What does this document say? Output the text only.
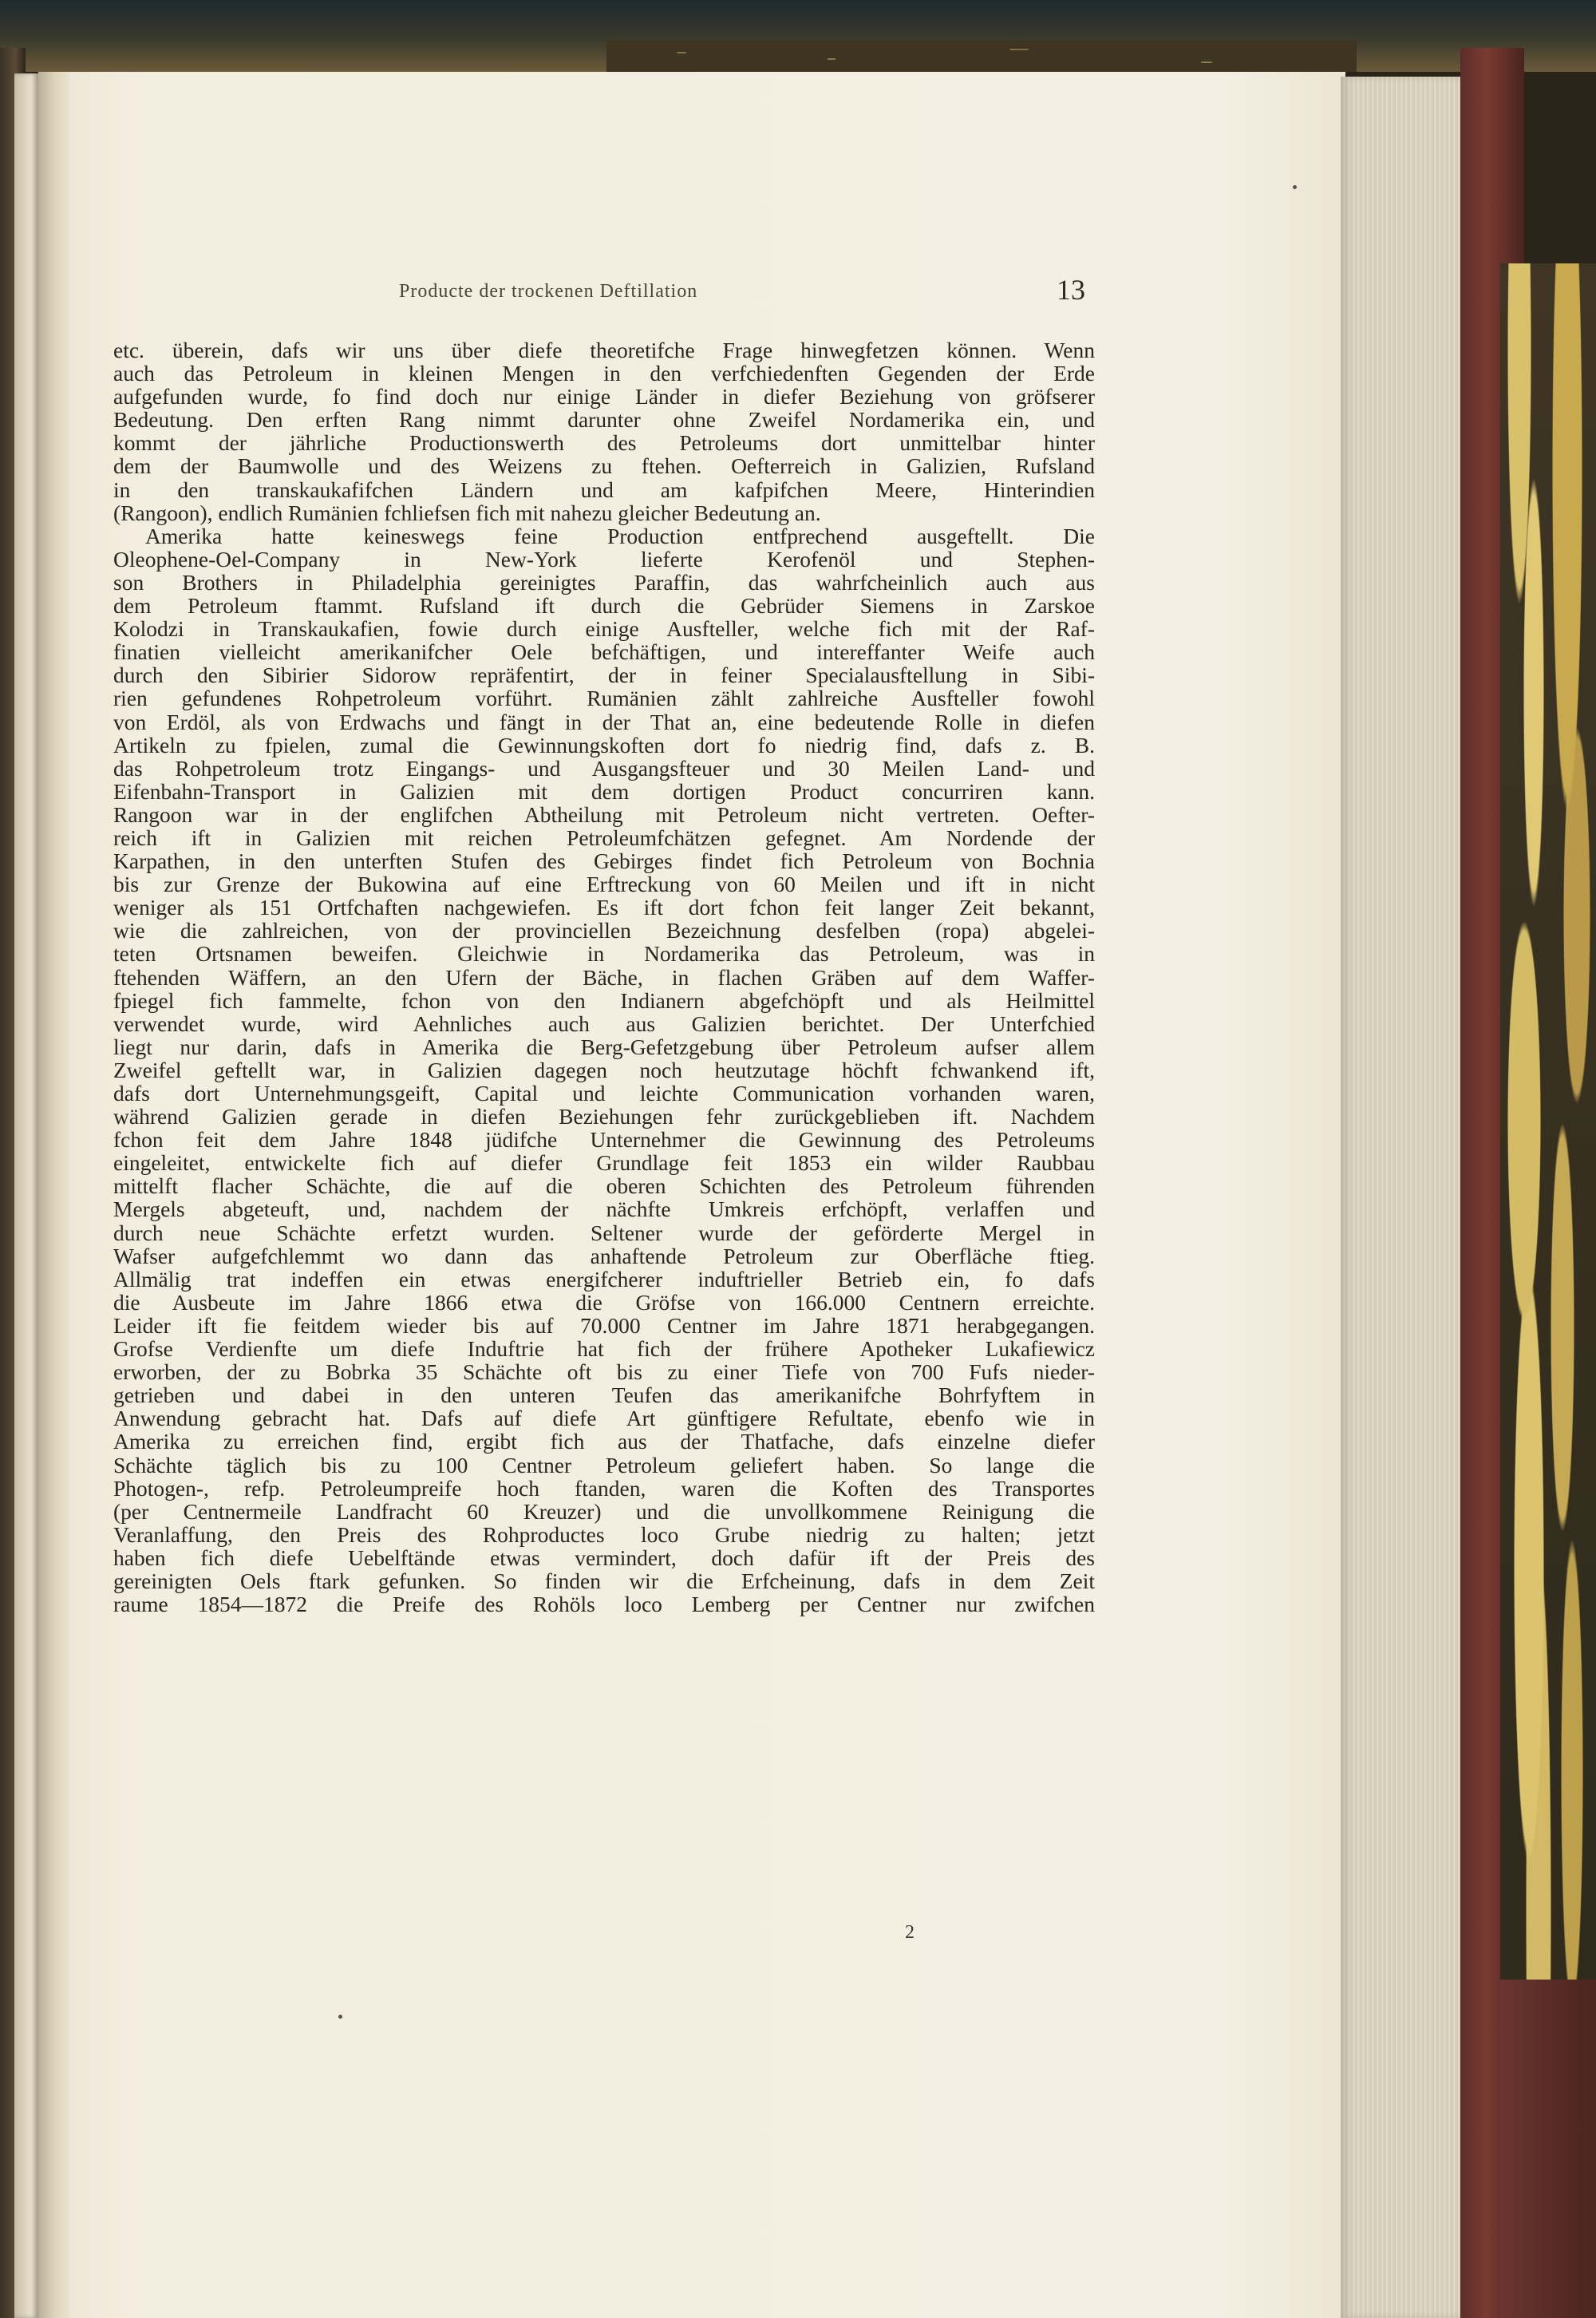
Producte der trockenen Deftillation	13
etc. überein, dafs wir uns über diefe theoretifche Frage hinwegfetzen können. Wenn
auch das Petroleum in kleinen Mengen in den verfchiedenften Gegenden der Erde
aufgefunden wurde, fo find doch nur einige Länder in diefer Beziehung von gröfserer
Bedeutung. Den erften Rang nimmt darunter ohne Zweifel Nordamerika ein, und
kommt der jährliche Productionswerth des Petroleums dort unmittelbar hinter
dem der Baumwolle und des Weizens zu ftehen. Oefterreich in Galizien, Rufsland
in den transkaukafifchen Ländern und am kafpifchen Meere, Hinterindien
(Rangoon), endlich Rumänien fchliefsen fich mit nahezu gleicher Bedeutung an.
Amerika hatte keineswegs feine Production entfprechend ausgeftellt. Die
Oleophene-Oel-Company in New-York lieferte Kerofenöl und Stephen-
son Brothers in Philadelphia gereinigtes Paraffin, das wahrfcheinlich auch aus
dem Petroleum ftammt. Rufsland ift durch die Gebrüder Siemens in Zarskoe
Kolodzi in Transkaukafien, fowie durch einige Ausfteller, welche fich mit der Raf-
finatien vielleicht amerikanifcher Oele befchäftigen, und intereffanter Weife auch
durch den Sibirier Sidorow repräfentirt, der in feiner Specialausftellung in Sibi-
rien gefundenes Rohpetroleum vorführt. Rumänien zählt zahlreiche Ausfteller fowohl
von Erdöl, als von Erdwachs und fängt in der That an, eine bedeutende Rolle in diefen
Artikeln zu fpielen, zumal die Gewinnungskoften dort fo niedrig find, dafs z. B.
das Rohpetroleum trotz Eingangs- und Ausgangsfteuer und 30 Meilen Land- und
Eifenbahn-Transport in Galizien mit dem dortigen Product concurriren kann.
Rangoon war in der englifchen Abtheilung mit Petroleum nicht vertreten. Oefter-
reich ift in Galizien mit reichen Petroleumfchätzen gefegnet. Am Nordende der
Karpathen, in den unterften Stufen des Gebirges findet fich Petroleum von Bochnia
bis zur Grenze der Bukowina auf eine Erftreckung von 60 Meilen und ift in nicht
weniger als 151 Ortfchaften nachgewiefen. Es ift dort fchon feit langer Zeit bekannt,
wie die zahlreichen, von der provinciellen Bezeichnung desfelben (ropa) abgelei-
teten Ortsnamen beweifen. Gleichwie in Nordamerika das Petroleum, was in
ftehenden Wäffern, an den Ufern der Bäche, in flachen Gräben auf dem Waffer-
fpiegel fich fammelte, fchon von den Indianern abgefchöpft und als Heilmittel
verwendet wurde, wird Aehnliches auch aus Galizien berichtet. Der Unterfchied
liegt nur darin, dafs in Amerika die Berg-Gefetzgebung über Petroleum aufser allem
Zweifel geftellt war, in Galizien dagegen noch heutzutage höchft fchwankend ift,
dafs dort Unternehmungsgeift, Capital und leichte Communication vorhanden waren,
während Galizien gerade in diefen Beziehungen fehr zurückgeblieben ift. Nachdem
fchon feit dem Jahre 1848 jüdifche Unternehmer die Gewinnung des Petroleums
eingeleitet, entwickelte fich auf diefer Grundlage feit 1853 ein wilder Raubbau
mittelft flacher Schächte, die auf die oberen Schichten des Petroleum führenden
Mergels abgeteuft, und, nachdem der nächfte Umkreis erfchöpft, verlaffen und
durch neue Schächte erfetzt wurden. Seltener wurde der geförderte Mergel in
Wafser aufgefchlemmt wo dann das anhaftende Petroleum zur Oberfläche ftieg.
Allmälig trat indeffen ein etwas energifcherer induftrieller Betrieb ein, fo dafs
die Ausbeute im Jahre 1866 etwa die Gröfse von 166.000 Centnern erreichte.
Leider ift fie feitdem wieder bis auf 70.000 Centner im Jahre 1871 herabgegangen.
Grofse Verdienfte um diefe Induftrie hat fich der frühere Apotheker Lukafiewicz
erworben, der zu Bobrka 35 Schächte oft bis zu einer Tiefe von 700 Fufs nieder-
getrieben und dabei in den unteren Teufen das amerikanifche Bohrfyftem in
Anwendung gebracht hat. Dafs auf diefe Art günftigere Refultate, ebenfo wie in
Amerika zu erreichen find, ergibt fich aus der Thatfache, dafs einzelne diefer
Schächte täglich bis zu 100 Centner Petroleum geliefert haben. So lange die
Photogen-, refp. Petroleumpreife hoch ftanden, waren die Koften des Transportes
(per Centnermeile Landfracht 60 Kreuzer) und die unvollkommene Reinigung die
Veranlaffung, den Preis des Rohproductes loco Grube niedrig zu halten; jetzt
haben fich diefe Uebelftände etwas vermindert, doch dafür ift der Preis des
gereinigten Oels ftark gefunken. So finden wir die Erfcheinung, dafs in dem Zeit
raume 1854—1872 die Preife des Rohöls loco Lemberg per Centner nur zwifchen
2
